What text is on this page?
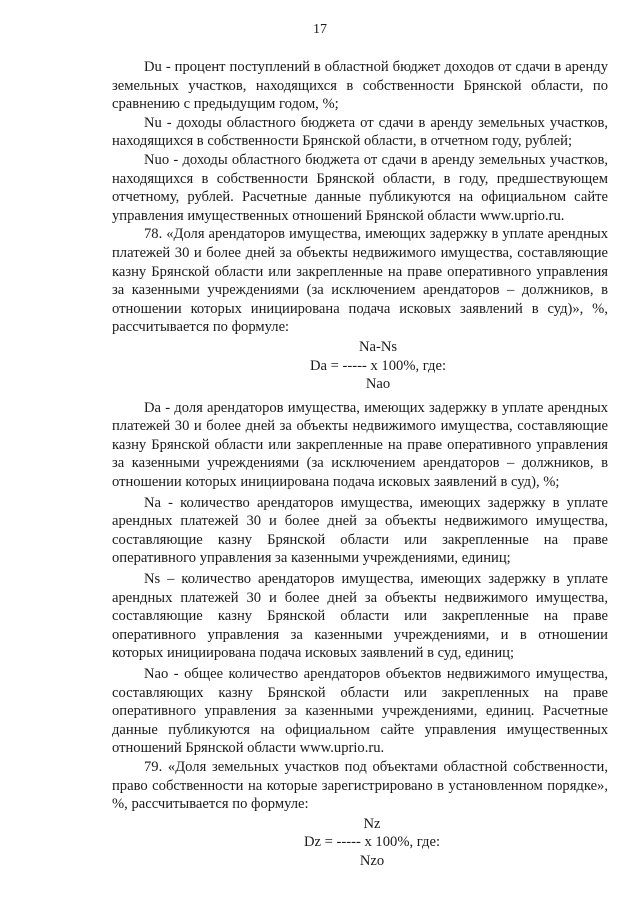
17

Du - процент поступлений в областной бюджет доходов от сдачи в аренду земельных участков, находящихся в собственности Брянской области, по сравнению с предыдущим годом, %;

Nu - доходы областного бюджета от сдачи в аренду земельных участков, находящихся в собственности Брянской области, в отчетном году, рублей;

Nuo - доходы областного бюджета от сдачи в аренду земельных участков, находящихся в собственности Брянской области, в году, предшествующем отчетному, рублей. Расчетные данные публикуются на официальном сайте управления имущественных отношений Брянской области www.uprio.ru.

78. «Доля арендаторов имущества, имеющих задержку в уплате арендных платежей 30 и более дней за объекты недвижимого имущества, составляющие казну Брянской области или закрепленные на праве оперативного управления за казенными учреждениями (за исключением арендаторов – должников, в отношении которых инициирована подача исковых заявлений в суд)», %, рассчитывается по формуле:

Na-Ns
Da = ----- x 100%, где:
Nao

Da - доля арендаторов имущества, имеющих задержку в уплате арендных платежей 30 и более дней за объекты недвижимого имущества, составляющие казну Брянской области или закрепленные на праве оперативного управления за казенными учреждениями (за исключением арендаторов – должников, в отношении которых инициирована подача исковых заявлений в суд), %;

Na - количество арендаторов имущества, имеющих задержку в уплате арендных платежей 30 и более дней за объекты недвижимого имущества, составляющие казну Брянской области или закрепленные на праве оперативного управления за казенными учреждениями, единиц;

Ns – количество арендаторов имущества, имеющих задержку в уплате арендных платежей 30 и более дней за объекты недвижимого имущества, составляющие казну Брянской области или закрепленные на праве оперативного управления за казенными учреждениями, и в отношении которых инициирована подача исковых заявлений в суд, единиц;

Nao - общее количество арендаторов объектов недвижимого имущества, составляющих казну Брянской области или закрепленных на праве оперативного управления за казенными учреждениями, единиц. Расчетные данные публикуются на официальном сайте управления имущественных отношений Брянской области www.uprio.ru.

79. «Доля земельных участков под объектами областной собственности, право собственности на которые зарегистрировано в установленном порядке», %, рассчитывается по формуле:

Nz
Dz = ----- x 100%, где:
Nzo
